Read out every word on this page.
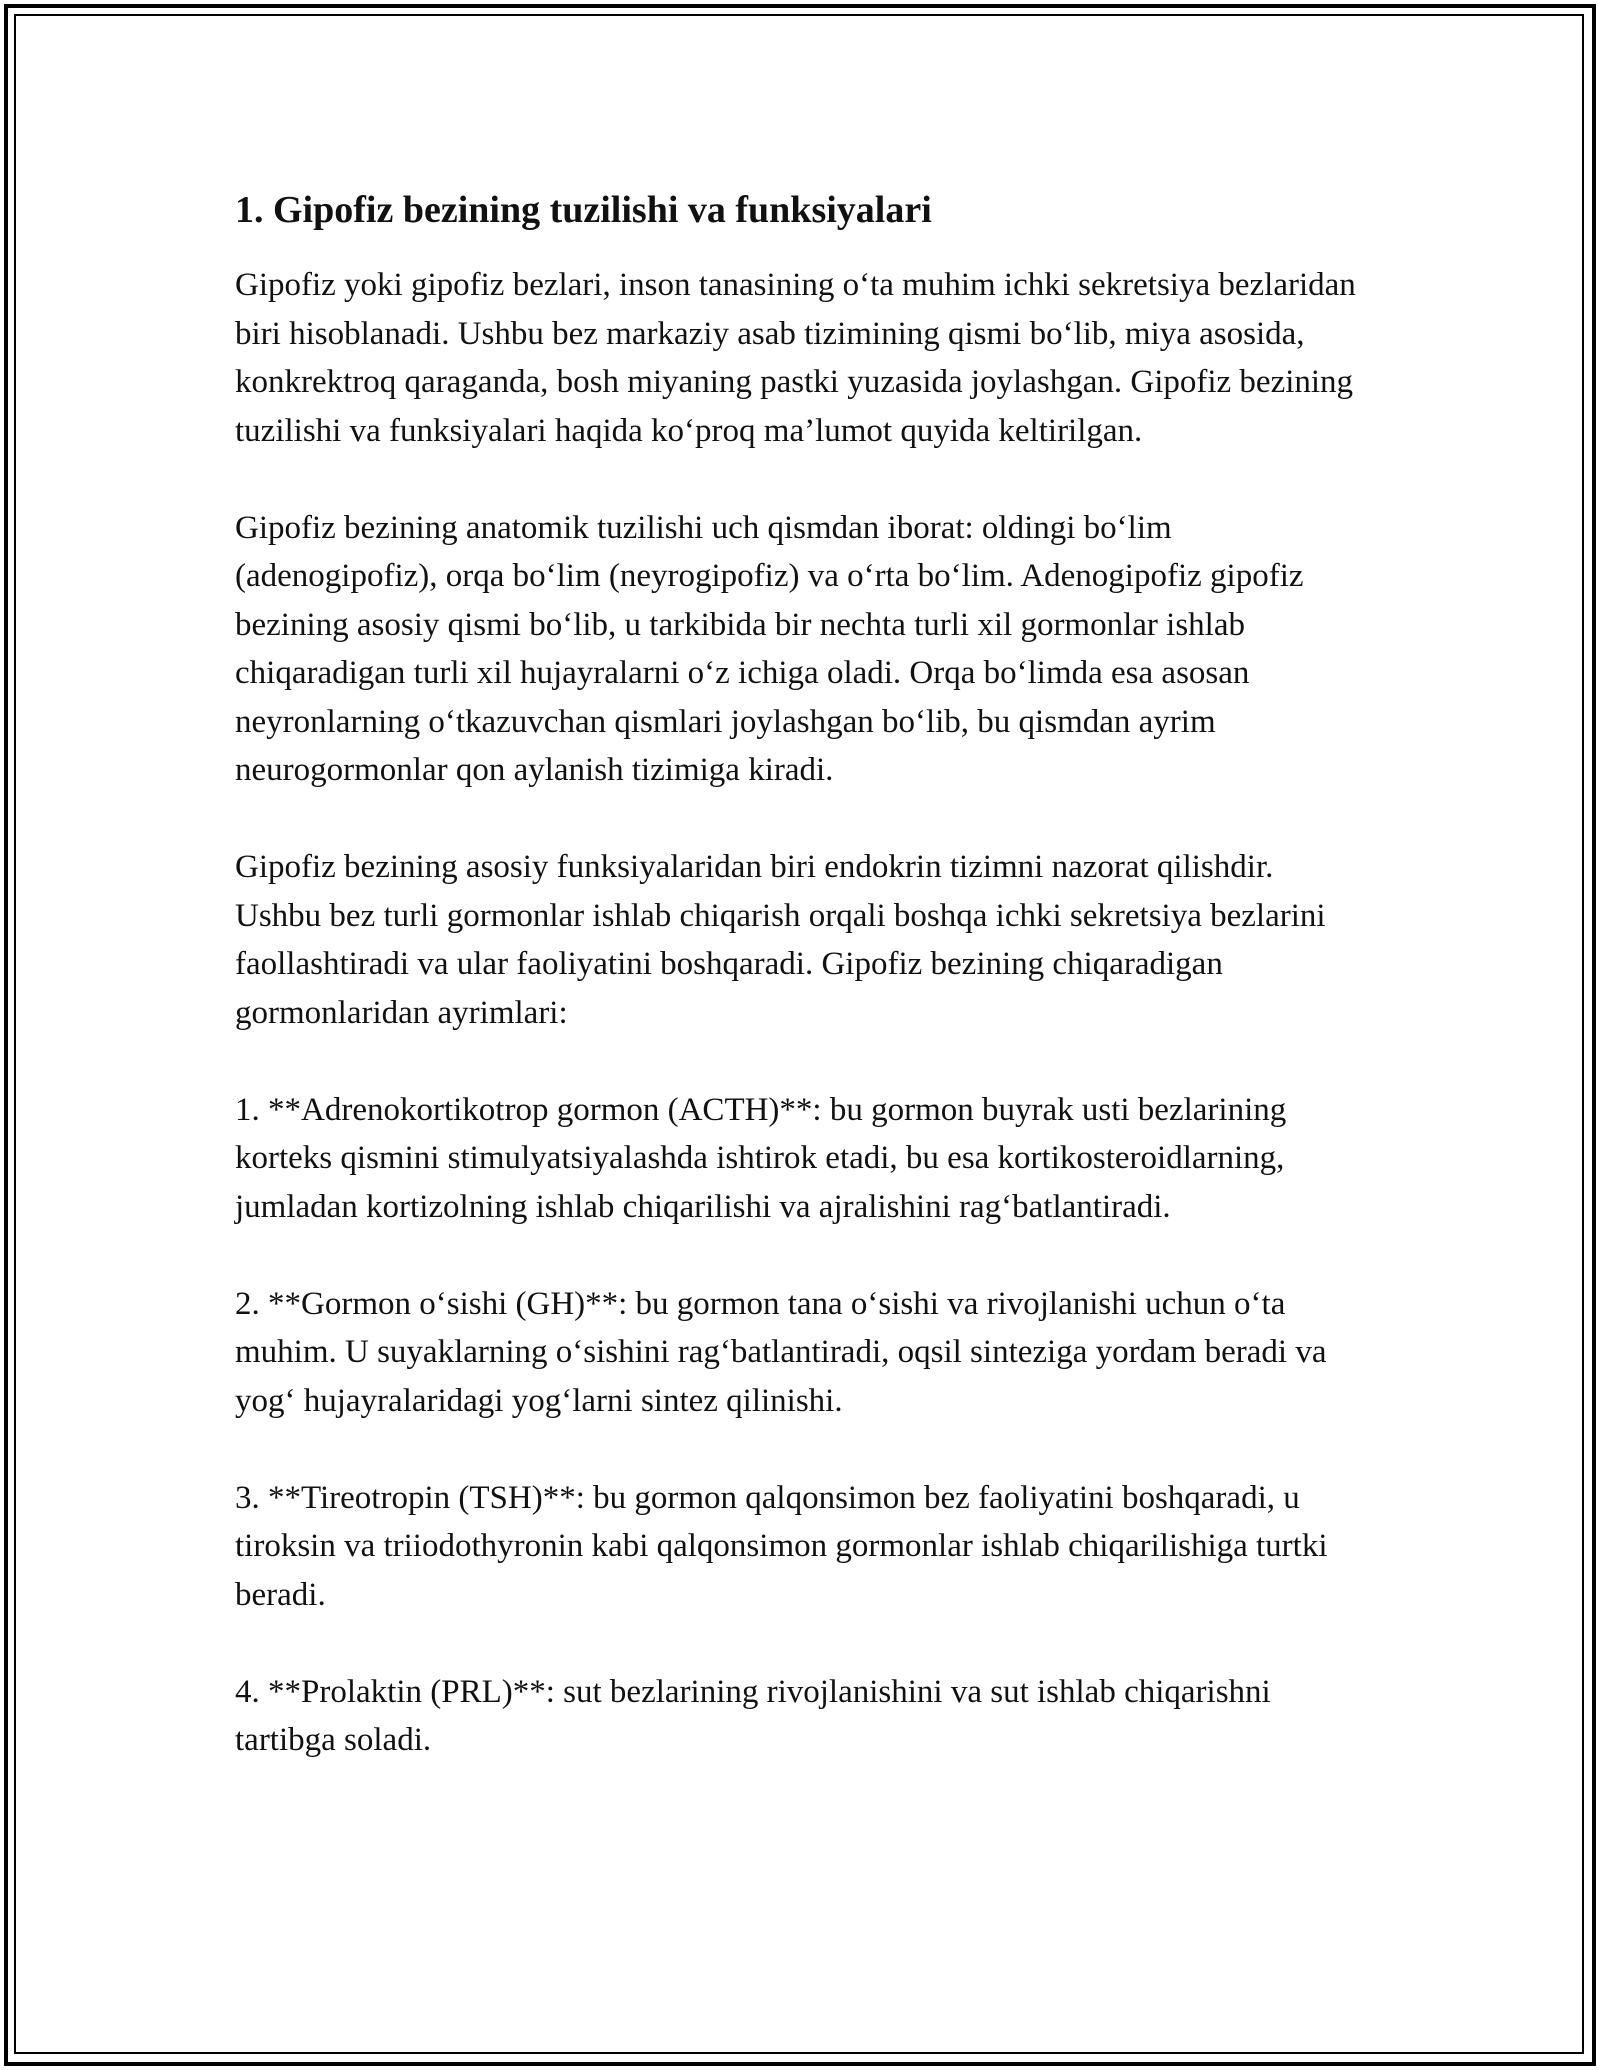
1. Gipofiz bezining tuzilishi va funksiyalari

Gipofiz yoki gipofiz bezlari, inson tanasining o‘ta muhim ichki sekretsiya bezlaridan biri hisoblanadi. Ushbu bez markaziy asab tizimining qismi bo‘lib, miya asosida, konkrektroq qaraganda, bosh miyaning pastki yuzasida joylashgan. Gipofiz bezining tuzilishi va funksiyalari haqida ko‘proq ma’lumot quyida keltirilgan.

Gipofiz bezining anatomik tuzilishi uch qismdan iborat: oldingi bo‘lim (adenogipofiz), orqa bo‘lim (neyrogipofiz) va o‘rta bo‘lim. Adenogipofiz gipofiz bezining asosiy qismi bo‘lib, u tarkibida bir nechta turli xil gormonlar ishlab chiqaradigan turli xil hujayralarni o‘z ichiga oladi. Orqa bo‘limda esa asosan neyronlarning o‘tkazuvchan qismlari joylashgan bo‘lib, bu qismdan ayrim neurogormonlar qon aylanish tizimiga kiradi.

Gipofiz bezining asosiy funksiyalaridan biri endokrin tizimni nazorat qilishdir. Ushbu bez turli gormonlar ishlab chiqarish orqali boshqa ichki sekretsiya bezlarini faollashtiradi va ular faoliyatini boshqaradi. Gipofiz bezining chiqaradigan gormonlaridan ayrimlari:

1. **Adrenokortikotrop gormon (ACTH)**: bu gormon buyrak usti bezlarining korteks qismini stimulyatsiyalashda ishtirok etadi, bu esa kortikosteroidlarning, jumladan kortizolning ishlab chiqarilishi va ajralishini rag‘batlantiradi.

2. **Gormon o‘sishi (GH)**: bu gormon tana o‘sishi va rivojlanishi uchun o‘ta muhim. U suyaklarning o‘sishini rag‘batlantiradi, oqsil sinteziga yordam beradi va yog‘ hujayralaridagi yog‘larni sintez qilinishi.

3. **Tireotropin (TSH)**: bu gormon qalqonsimon bez faoliyatini boshqaradi, u tiroksin va triiodothyronin kabi qalqonsimon gormonlar ishlab chiqarilishiga turtki beradi.

4. **Prolaktin (PRL)**: sut bezlarining rivojlanishini va sut ishlab chiqarishni tartibga soladi.
